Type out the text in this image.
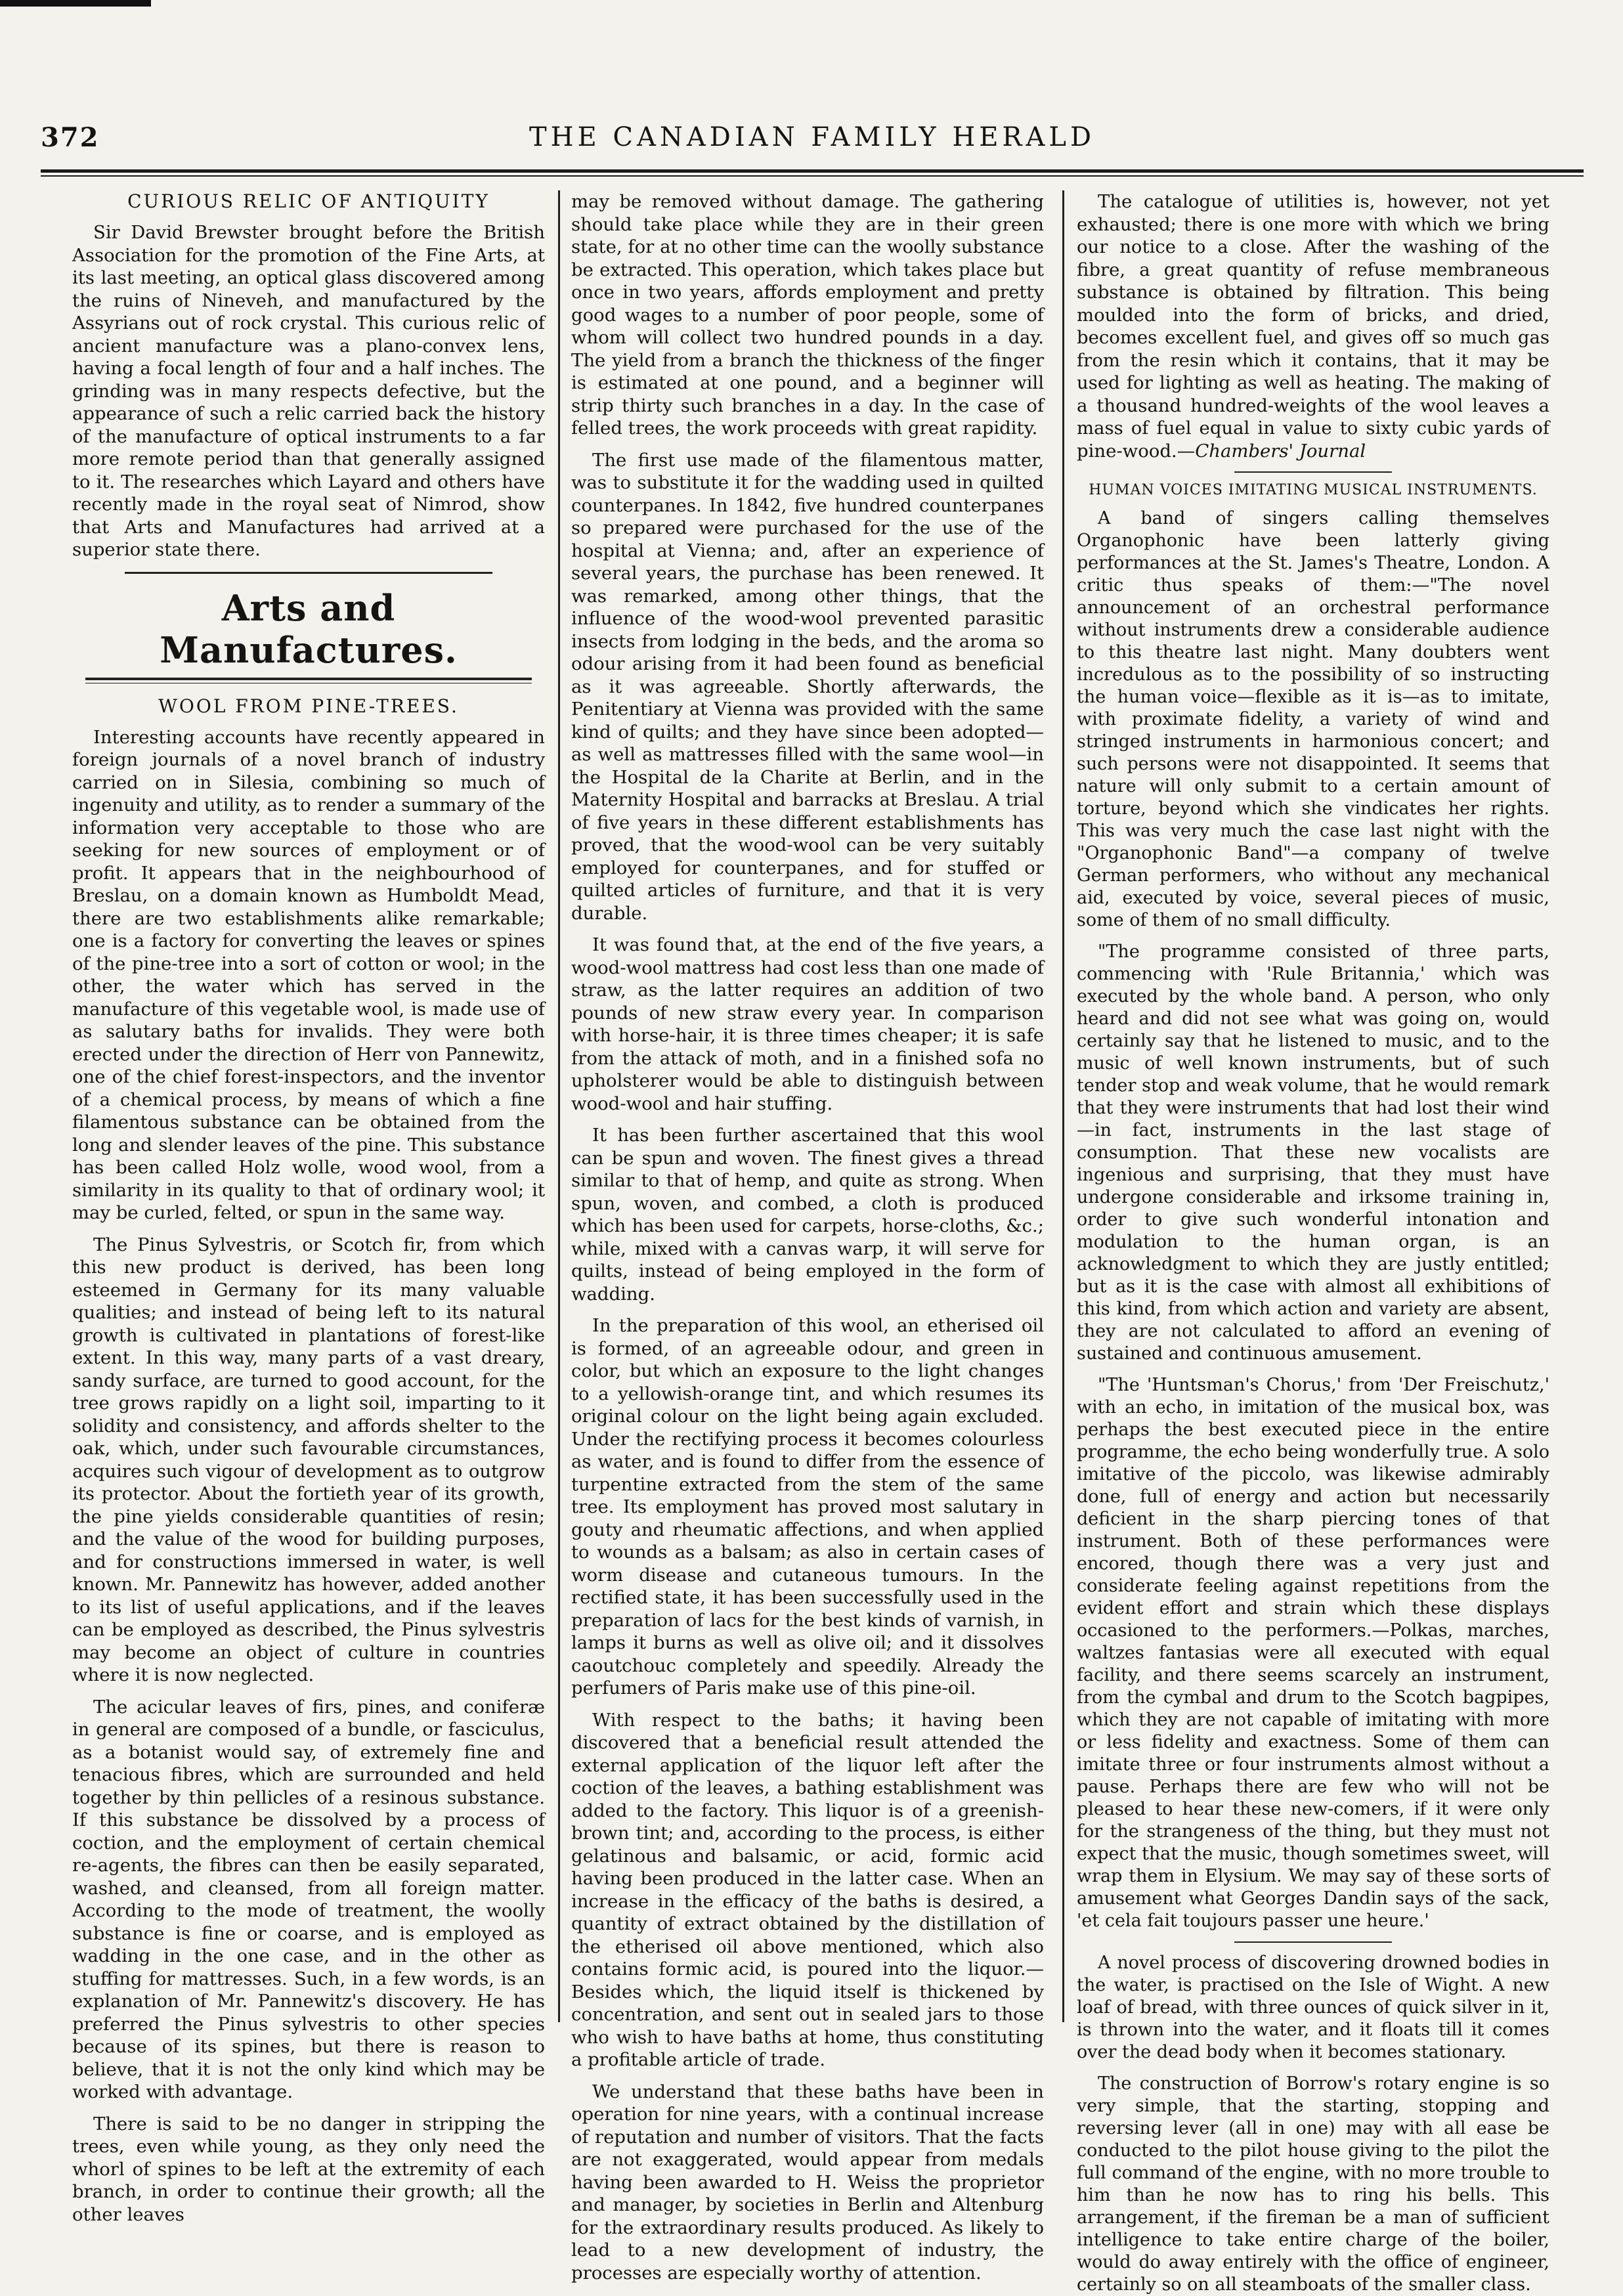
372	THE CANADIAN FAMILY HERALD
CURIOUS RELIC OF ANTIQUITY

Sir David Brewster brought before the British Association for the promotion of the Fine Arts, at its last meeting, an optical glass discovered among the ruins of Nineveh, and manufactured by the Assyrians out of rock crystal. This curious relic of ancient manufacture was a plano-convex lens, having a focal length of four and a half inches. The grinding was in many respects defective, but the appearance of such a relic carried back the history of the manufacture of optical instruments to a far more remote period than that generally assigned to it. The researches which Layard and others have recently made in the royal seat of Nimrod, show that Arts and Manufactures had arrived at a superior state there.

Arts and Manufactures.
WOOL FROM PINE-TREES.

Interesting accounts have recently appeared in foreign journals of a novel branch of industry carried on in Silesia, combining so much of ingenuity and utility, as to render a summary of the information very acceptable to those who are seeking for new sources of employment or of profit. It appears that in the neighbourhood of Breslau, on a domain known as Humboldt Mead, there are two establishments alike remarkable; one is a factory for converting the leaves or spines of the pine-tree into a sort of cotton or wool; in the other, the water which has served in the manufacture of this vegetable wool, is made use of as salutary baths for invalids. They were both erected under the direction of Herr von Pannewitz, one of the chief forest-inspectors, and the inventor of a chemical process, by means of which a fine filamentous substance can be obtained from the long and slender leaves of the pine. This substance has been called Holz wolle, wood wool, from a similarity in its quality to that of ordinary wool; it may be curled, felted, or spun in the same way.

The Pinus Sylvestris, or Scotch fir, from which this new product is derived, has been long esteemed in Germany for its many valuable qualities; and instead of being left to its natural growth is cultivated in plantations of forest-like extent. In this way, many parts of a vast dreary, sandy surface, are turned to good account, for the tree grows rapidly on a light soil, imparting to it solidity and consistency, and affords shelter to the oak, which, under such favourable circumstances, acquires such vigour of development as to outgrow its protector. About the fortieth year of its growth, the pine yields considerable quantities of resin; and the value of the wood for building purposes, and for constructions immersed in water, is well known. Mr. Pannewitz has however, added another to its list of useful applications, and if the leaves can be employed as described, the Pinus sylvestris may become an object of culture in countries where it is now neglected.

The acicular leaves of firs, pines, and coniferæ in general are composed of a bundle, or fasciculus, as a botanist would say, of extremely fine and tenacious fibres, which are surrounded and held together by thin pellicles of a resinous substance. If this substance be dissolved by a process of coction, and the employment of certain chemical re-agents, the fibres can then be easily separated, washed, and cleansed, from all foreign matter. According to the mode of treatment, the woolly substance is fine or coarse, and is employed as wadding in the one case, and in the other as stuffing for mattresses. Such, in a few words, is an explanation of Mr. Pannewitz's discovery. He has preferred the Pinus sylvestris to other species because of its spines, but there is reason to believe, that it is not the only kind which may be worked with advantage.

There is said to be no danger in stripping the trees, even while young, as they only need the whorl of spines to be left at the extremity of each branch, in order to continue their growth; all the other leaves

may be removed without damage. The gathering should take place while they are in their green state, for at no other time can the woolly substance be extracted. This operation, which takes place but once in two years, affords employment and pretty good wages to a number of poor people, some of whom will collect two hundred pounds in a day. The yield from a branch the thickness of the finger is estimated at one pound, and a beginner will strip thirty such branches in a day. In the case of felled trees, the work proceeds with great rapidity.

The first use made of the filamentous matter, was to substitute it for the wadding used in quilted counterpanes. In 1842, five hundred counterpanes so prepared were purchased for the use of the hospital at Vienna; and, after an experience of several years, the purchase has been renewed. It was remarked, among other things, that the influence of the wood-wool prevented parasitic insects from lodging in the beds, and the aroma so odour arising from it had been found as beneficial as it was agreeable. Shortly afterwards, the Penitentiary at Vienna was provided with the same kind of quilts; and they have since been adopted—as well as mattresses filled with the same wool—in the Hospital de la Charite at Berlin, and in the Maternity Hospital and barracks at Breslau. A trial of five years in these different establishments has proved, that the wood-wool can be very suitably employed for counterpanes, and for stuffed or quilted articles of furniture, and that it is very durable.

It was found that, at the end of the five years, a wood-wool mattress had cost less than one made of straw, as the latter requires an addition of two pounds of new straw every year. In comparison with horse-hair, it is three times cheaper; it is safe from the attack of moth, and in a finished sofa no upholsterer would be able to distinguish between wood-wool and hair stuffing.

It has been further ascertained that this wool can be spun and woven. The finest gives a thread similar to that of hemp, and quite as strong. When spun, woven, and combed, a cloth is produced which has been used for carpets, horse-cloths, &c.; while, mixed with a canvas warp, it will serve for quilts, instead of being employed in the form of wadding.

In the preparation of this wool, an etherised oil is formed, of an agreeable odour, and green in color, but which an exposure to the light changes to a yellowish-orange tint, and which resumes its original colour on the light being again excluded. Under the rectifying process it becomes colourless as water, and is found to differ from the essence of turpentine extracted from the stem of the same tree. Its employment has proved most salutary in gouty and rheumatic affections, and when applied to wounds as a balsam; as also in certain cases of worm disease and cutaneous tumours. In the rectified state, it has been successfully used in the preparation of lacs for the best kinds of varnish, in lamps it burns as well as olive oil; and it dissolves caoutchouc completely and speedily. Already the perfumers of Paris make use of this pine-oil.

With respect to the baths; it having been discovered that a beneficial result attended the external application of the liquor left after the coction of the leaves, a bathing establishment was added to the factory. This liquor is of a greenish-brown tint; and, according to the process, is either gelatinous and balsamic, or acid, formic acid having been produced in the latter case. When an increase in the efficacy of the baths is desired, a quantity of extract obtained by the distillation of the etherised oil above mentioned, which also contains formic acid, is poured into the liquor.—Besides which, the liquid itself is thickened by concentration, and sent out in sealed jars to those who wish to have baths at home, thus constituting a profitable article of trade.

We understand that these baths have been in operation for nine years, with a continual increase of reputation and number of visitors. That the facts are not exaggerated, would appear from medals having been awarded to H. Weiss the proprietor and manager, by societies in Berlin and Altenburg for the extraordinary results produced. As likely to lead to a new development of industry, the processes are especially worthy of attention.

The catalogue of utilities is, however, not yet exhausted; there is one more with which we bring our notice to a close. After the washing of the fibre, a great quantity of refuse membraneous substance is obtained by filtration. This being moulded into the form of bricks, and dried, becomes excellent fuel, and gives off so much gas from the resin which it contains, that it may be used for lighting as well as heating. The making of a thousand hundred-weights of the wool leaves a mass of fuel equal in value to sixty cubic yards of pine-wood.—Chambers' Journal

HUMAN VOICES IMITATING MUSICAL INSTRUMENTS.

A band of singers calling themselves Organophonic have been latterly giving performances at the St. James's Theatre, London. A critic thus speaks of them:—"The novel announcement of an orchestral performance without instruments drew a considerable audience to this theatre last night. Many doubters went incredulous as to the possibility of so instructing the human voice—flexible as it is—as to imitate, with proximate fidelity, a variety of wind and stringed instruments in harmonious concert; and such persons were not disappointed. It seems that nature will only submit to a certain amount of torture, beyond which she vindicates her rights. This was very much the case last night with the "Organophonic Band"—a company of twelve German performers, who without any mechanical aid, executed by voice, several pieces of music, some of them of no small difficulty.

"The programme consisted of three parts, commencing with 'Rule Britannia,' which was executed by the whole band. A person, who only heard and did not see what was going on, would certainly say that he listened to music, and to the music of well known instruments, but of such tender stop and weak volume, that he would remark that they were instruments that had lost their wind—in fact, instruments in the last stage of consumption. That these new vocalists are ingenious and surprising, that they must have undergone considerable and irksome training in, order to give such wonderful intonation and modulation to the human organ, is an acknowledgment to which they are justly entitled; but as it is the case with almost all exhibitions of this kind, from which action and variety are absent, they are not calculated to afford an evening of sustained and continuous amusement.

"The 'Huntsman's Chorus,' from 'Der Freischutz,' with an echo, in imitation of the musical box, was perhaps the best executed piece in the entire programme, the echo being wonderfully true. A solo imitative of the piccolo, was likewise admirably done, full of energy and action but necessarily deficient in the sharp piercing tones of that instrument. Both of these performances were encored, though there was a very just and considerate feeling against repetitions from the evident effort and strain which these displays occasioned to the performers.—Polkas, marches, waltzes fantasias were all executed with equal facility, and there seems scarcely an instrument, from the cymbal and drum to the Scotch bagpipes, which they are not capable of imitating with more or less fidelity and exactness. Some of them can imitate three or four instruments almost without a pause. Perhaps there are few who will not be pleased to hear these new-comers, if it were only for the strangeness of the thing, but they must not expect that the music, though sometimes sweet, will wrap them in Elysium. We may say of these sorts of amusement what Georges Dandin says of the sack, 'et cela fait toujours passer une heure.'

A novel process of discovering drowned bodies in the water, is practised on the Isle of Wight. A new loaf of bread, with three ounces of quick silver in it, is thrown into the water, and it floats till it comes over the dead body when it becomes stationary.

The construction of Borrow's rotary engine is so very simple, that the starting, stopping and reversing lever (all in one) may with all ease be conducted to the pilot house giving to the pilot the full command of the engine, with no more trouble to him than he now has to ring his bells. This arrangement, if the fireman be a man of sufficient intelligence to take entire charge of the boiler, would do away entirely with the office of engineer, certainly so on all steamboats of the smaller class.
